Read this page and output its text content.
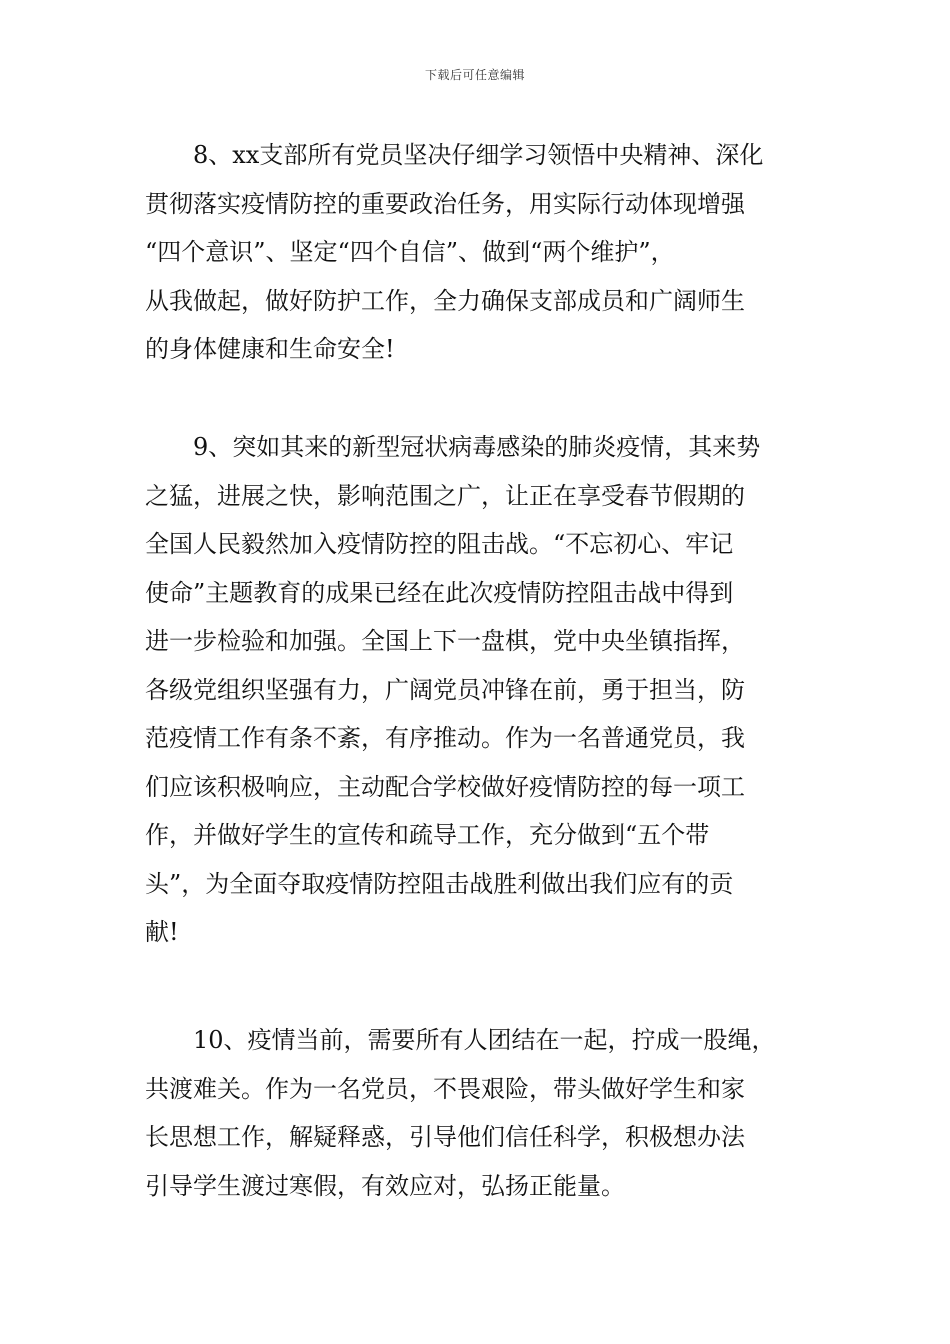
下载后可任意编辑
8、xx支部所有党员坚决仔细学习领悟中央精神、深化
贯彻落实疫情防控的重要政治任务，用实际行动体现增强
“四个意识”、坚定“四个自信”、做到“两个维护”，
从我做起，做好防护工作，全力确保支部成员和广阔师生
的身体健康和生命安全!
9、突如其来的新型冠状病毒感染的肺炎疫情，其来势
之猛，进展之快，影响范围之广，让正在享受春节假期的
全国人民毅然加入疫情防控的阻击战。“不忘初心、牢记
使命”主题教育的成果已经在此次疫情防控阻击战中得到
进一步检验和加强。全国上下一盘棋，党中央坐镇指挥，
各级党组织坚强有力，广阔党员冲锋在前，勇于担当，防
范疫情工作有条不紊，有序推动。作为一名普通党员，我
们应该积极响应，主动配合学校做好疫情防控的每一项工
作，并做好学生的宣传和疏导工作，充分做到“五个带
头”，为全面夺取疫情防控阻击战胜利做出我们应有的贡
献!
10、疫情当前，需要所有人团结在一起，拧成一股绳，
共渡难关。作为一名党员，不畏艰险，带头做好学生和家
长思想工作，解疑释惑，引导他们信任科学，积极想办法
引导学生渡过寒假，有效应对，弘扬正能量。
